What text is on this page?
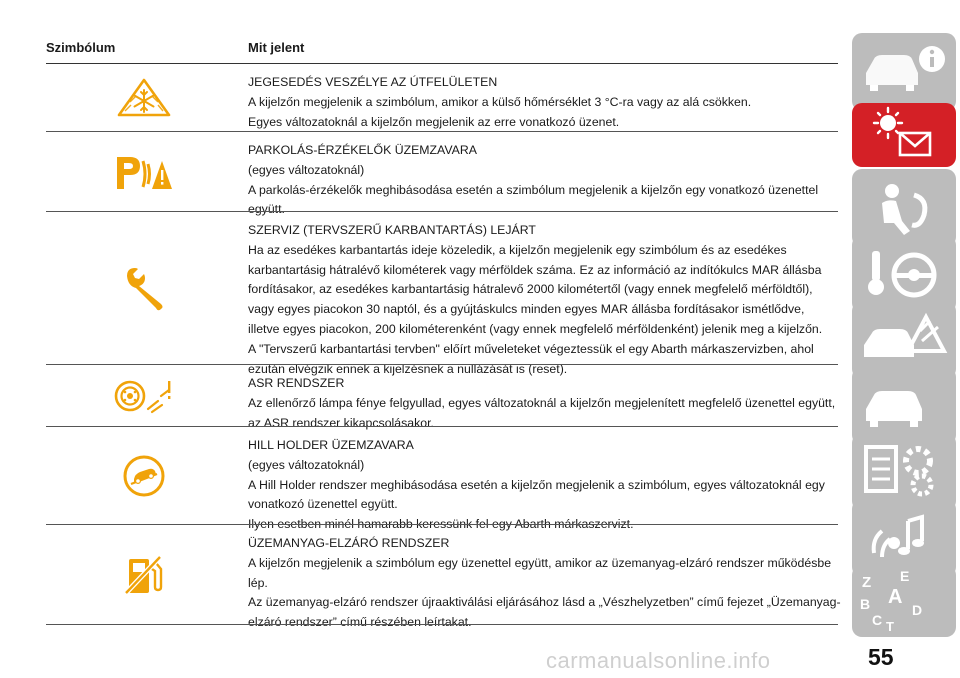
Szimbólum	Mit jelent
JEGESEDÉS VESZÉLYE AZ ÚTFELÜLETEN
A kijelzőn megjelenik a szimbólum, amikor a külső hőmérséklet 3 °C-ra vagy az alá csökken.
Egyes változatoknál a kijelzőn megjelenik az erre vonatkozó üzenet.
PARKOLÁS-ÉRZÉKELŐK ÜZEMZAVARA
(egyes változatoknál)
A parkolás-érzékelők meghibásodása esetén a szimbólum megjelenik a kijelzőn egy vonatkozó üzenettel
együtt.
SZERVIZ (TERVSZERŰ KARBANTARTÁS) LEJÁRT
Ha az esedékes karbantartás ideje közeledik, a kijelzőn megjelenik egy szimbólum és az esedékes
karbantartásig hátralévő kilométerek vagy mérföldek száma. Ez az információ az indítókulcs MAR állásba
fordításakor, az esedékes karbantartásig hátralevő 2000 kilométertől (vagy ennek megfelelő mérföldtől),
vagy egyes piacokon 30 naptól, és a gyújtáskulcs minden egyes MAR állásba fordításakor ismétlődve,
illetve egyes piacokon, 200 kilométerenként (vagy ennek megfelelő mérföldenként) jelenik meg a kijelzőn.
A "Tervszerű karbantartási tervben" előírt műveleteket végeztessük el egy Abarth márkaszervizben, ahol
ezután elvégzik ennek a kijelzésnek a nullázását is (reset).
ASR RENDSZER
Az ellenőrző lámpa fénye felgyullad, egyes változatoknál a kijelzőn megjelenített megfelelő üzenettel együtt,
az ASR rendszer kikapcsolásakor.
HILL HOLDER ÜZEMZAVARA
(egyes változatoknál)
A Hill Holder rendszer meghibásodása esetén a kijelzőn megjelenik a szimbólum, egyes változatoknál egy
vonatkozó üzenettel együtt.
Ilyen esetben minél hamarabb keressünk fel egy Abarth márkaszervizt.
ÜZEMANYAG-ELZÁRÓ RENDSZER
A kijelzőn megjelenik a szimbólum egy üzenettel együtt, amikor az üzemanyag-elzáró rendszer működésbe
lép.
Az üzemanyag-elzáró rendszer újraaktiválási eljárásához lásd a „Vészhelyzetben” című fejezet „Üzemanyag-
elzáró rendszer” című részében leírtakat.
Z E
A
B
C T
D
55
carmanualsonline.info
